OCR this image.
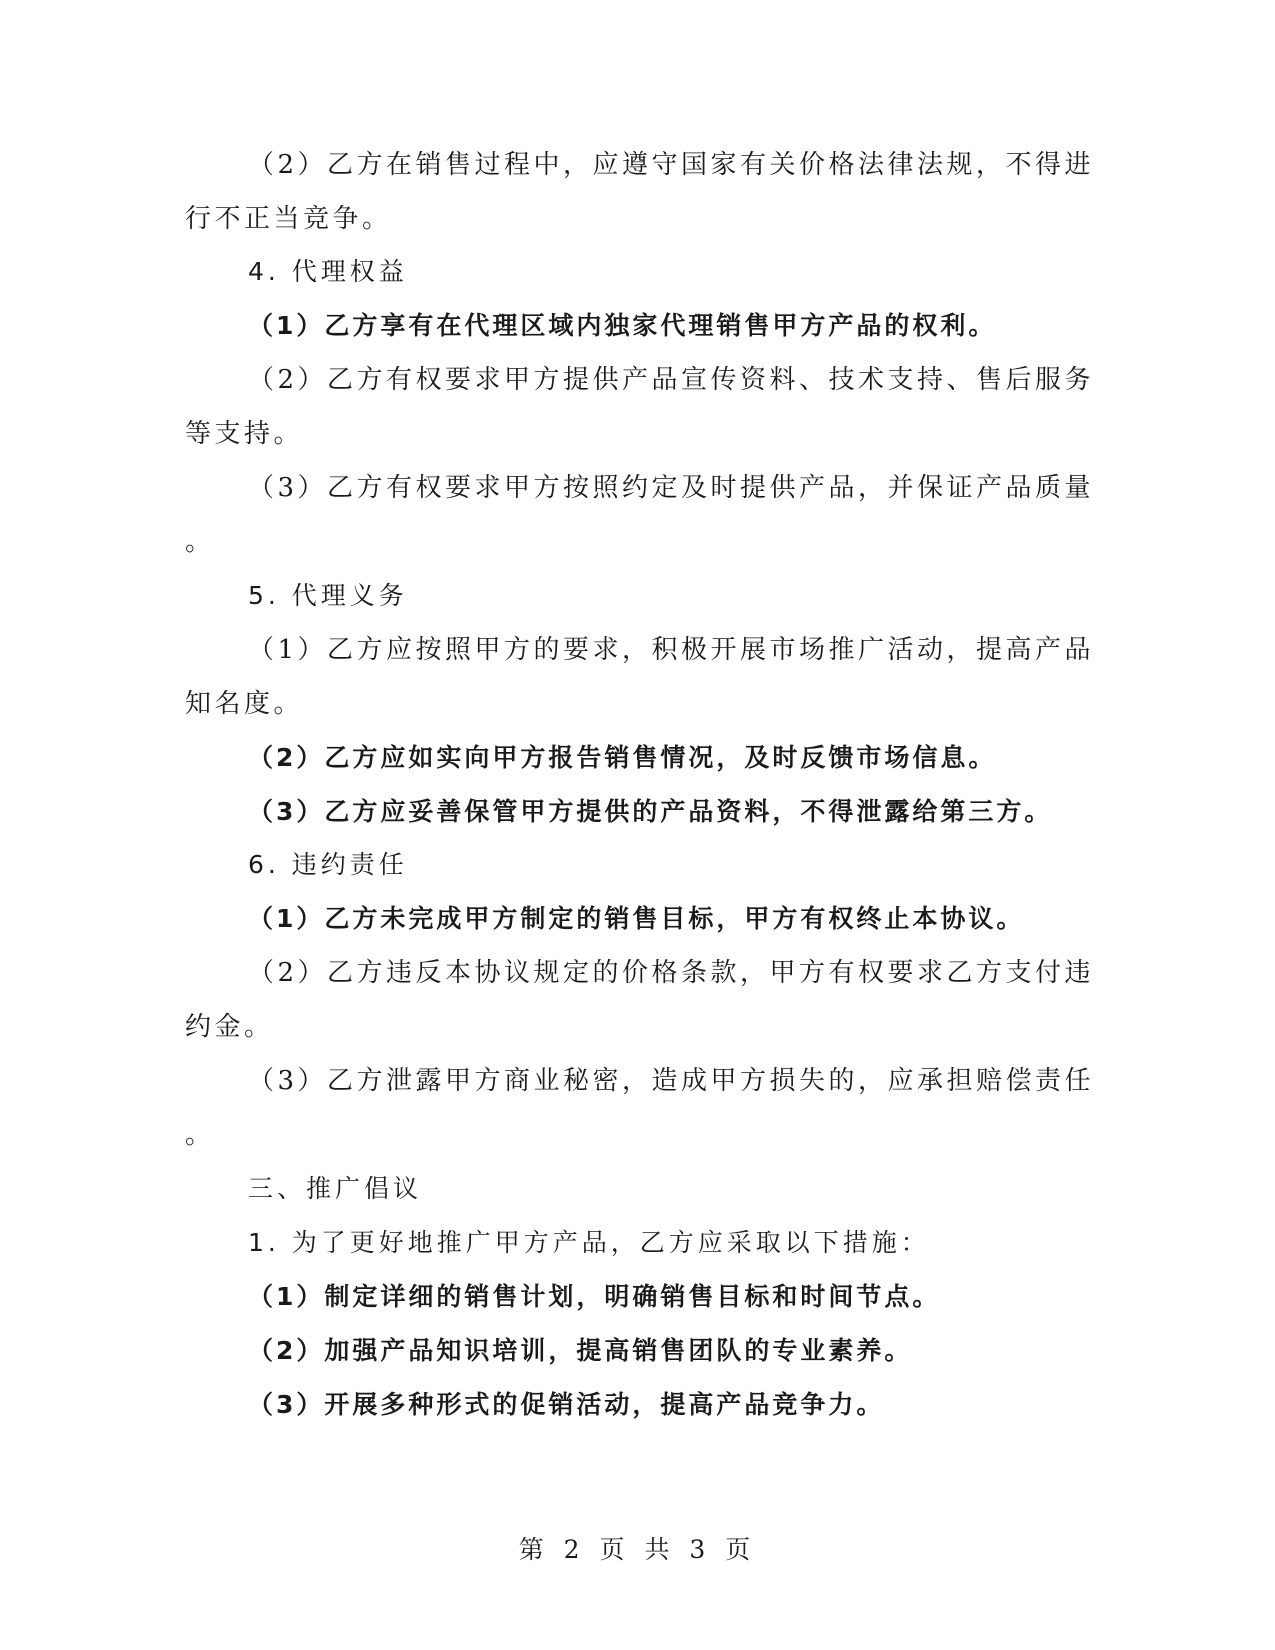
（2）乙方在销售过程中，应遵守国家有关价格法律法规，不得进
行不正当竞争。
4. 代理权益
（1）乙方享有在代理区域内独家代理销售甲方产品的权利。
（2）乙方有权要求甲方提供产品宣传资料、技术支持、售后服务
等支持。
（3）乙方有权要求甲方按照约定及时提供产品，并保证产品质量
。
5. 代理义务
（1）乙方应按照甲方的要求，积极开展市场推广活动，提高产品
知名度。
（2）乙方应如实向甲方报告销售情况，及时反馈市场信息。
（3）乙方应妥善保管甲方提供的产品资料，不得泄露给第三方。
6. 违约责任
（1）乙方未完成甲方制定的销售目标，甲方有权终止本协议。
（2）乙方违反本协议规定的价格条款，甲方有权要求乙方支付违
约金。
（3）乙方泄露甲方商业秘密，造成甲方损失的，应承担赔偿责任
。
三、推广倡议
1. 为了更好地推广甲方产品，乙方应采取以下措施：
（1）制定详细的销售计划，明确销售目标和时间节点。
（2）加强产品知识培训，提高销售团队的专业素养。
（3）开展多种形式的促销活动，提高产品竞争力。
第 2 页 共 3 页
